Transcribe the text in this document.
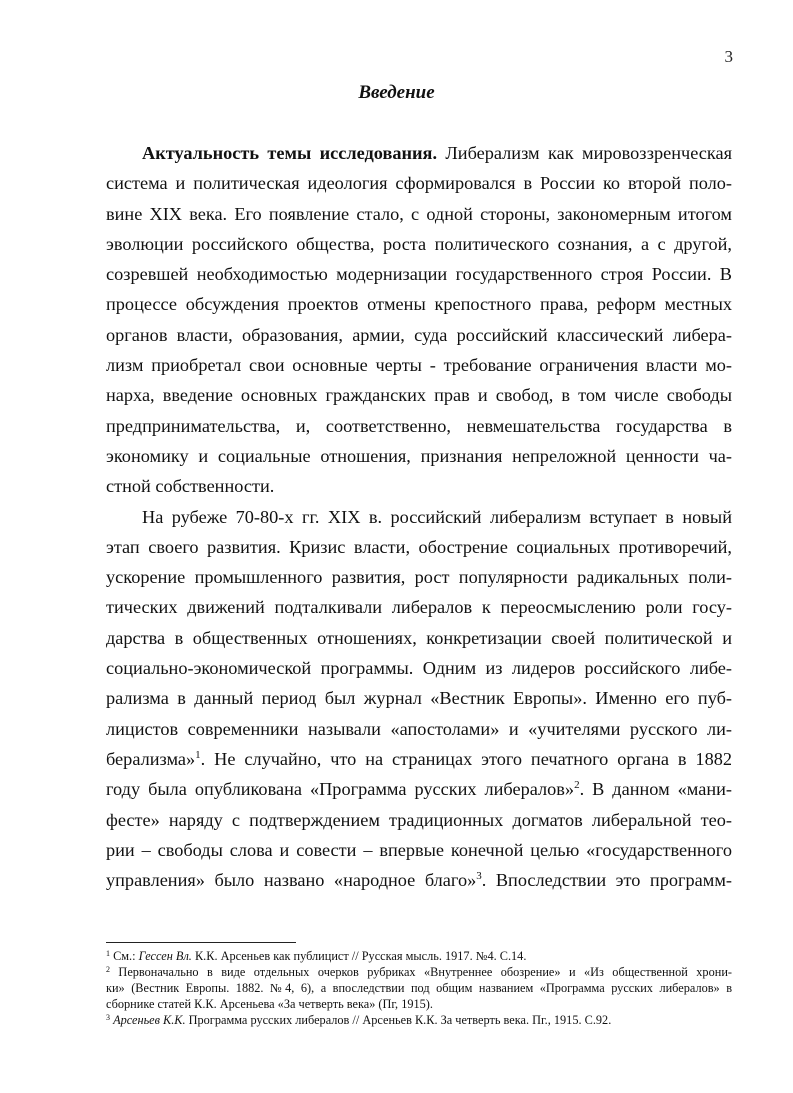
3
Введение
Актуальность темы исследования. Либерализм как мировоззренческая
система и политическая идеология сформировался в России ко второй поло-
вине XIX века. Его появление стало, с одной стороны, закономерным итогом
эволюции российского общества, роста политического сознания, а с другой,
созревшей необходимостью модернизации государственного строя России. В
процессе обсуждения проектов отмены крепостного права, реформ местных
органов власти, образования, армии, суда российский классический либера-
лизм приобретал свои основные черты - требование ограничения власти мо-
нарха, введение основных гражданских прав и свобод, в том числе свободы
предпринимательства, и, соответственно, невмешательства государства в
экономику и социальные отношения, признания непреложной ценности ча-
стной собственности.
На рубеже 70-80-х гг. XIX в. российский либерализм вступает в новый
этап своего развития. Кризис власти, обострение социальных противоречий,
ускорение промышленного развития, рост популярности радикальных поли-
тических движений подталкивали либералов к переосмыслению роли госу-
дарства в общественных отношениях, конкретизации своей политической и
социально-экономической программы. Одним из лидеров российского либе-
рализма в данный период был журнал «Вестник Европы». Именно его пуб-
лицистов современники называли «апостолами» и «учителями русского ли-
берализма»$^1$. Не случайно, что на страницах этого печатного органа в 1882
году была опубликована «Программа русских либералов»$^2$. В данном «мани-
фесте» наряду с подтверждением традиционных догматов либеральной тео-
рии – свободы слова и совести – впервые конечной целью «государственного
управления» было названо «народное благо»$^3$. Впоследствии это программ-
$^1$ См.: Гессен Вл. К.К. Арсеньев как публицист // Русская мысль. 1917. №4. С.14.
$^2$ Первоначально в виде отдельных очерков рубриках «Внутреннее обозрение» и «Из общественной хрони-
ки» (Вестник Европы. 1882. №4, 6), а впоследствии под общим названием «Программа русских либералов» в
сборнике статей К.К. Арсеньева «За четверть века» (Пг, 1915).
$^3$ Арсеньев К.К. Программа русских либералов // Арсеньев К.К. За четверть века. Пг., 1915. С.92.
